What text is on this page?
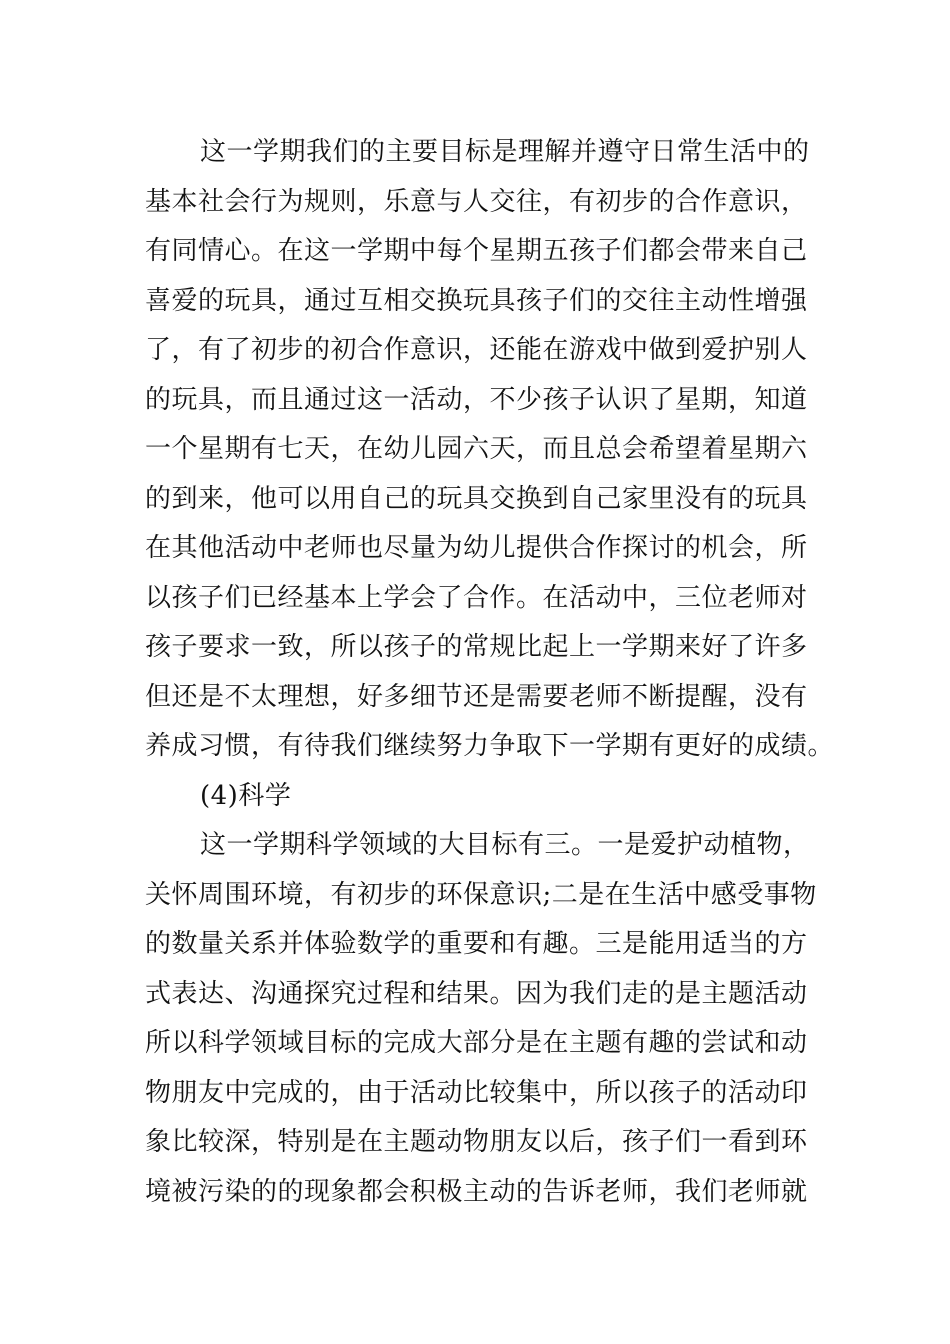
这一学期我们的主要目标是理解并遵守日常生活中的
基本社会行为规则，乐意与人交往，有初步的合作意识，
有同情心。在这一学期中每个星期五孩子们都会带来自己
喜爱的玩具，通过互相交换玩具孩子们的交往主动性增强
了，有了初步的初合作意识，还能在游戏中做到爱护别人
的玩具，而且通过这一活动，不少孩子认识了星期，知道
一个星期有七天，在幼儿园六天，而且总会希望着星期六
的到来，他可以用自己的玩具交换到自己家里没有的玩具
在其他活动中老师也尽量为幼儿提供合作探讨的机会，所
以孩子们已经基本上学会了合作。在活动中，三位老师对
孩子要求一致，所以孩子的常规比起上一学期来好了许多
但还是不太理想，好多细节还是需要老师不断提醒，没有
养成习惯，有待我们继续努力争取下一学期有更好的成绩。
(4)科学
这一学期科学领域的大目标有三。一是爱护动植物，
关怀周围环境，有初步的环保意识;二是在生活中感受事物
的数量关系并体验数学的重要和有趣。三是能用适当的方
式表达、沟通探究过程和结果。因为我们走的是主题活动
所以科学领域目标的完成大部分是在主题有趣的尝试和动
物朋友中完成的，由于活动比较集中，所以孩子的活动印
象比较深，特别是在主题动物朋友以后，孩子们一看到环
境被污染的的现象都会积极主动的告诉老师，我们老师就
